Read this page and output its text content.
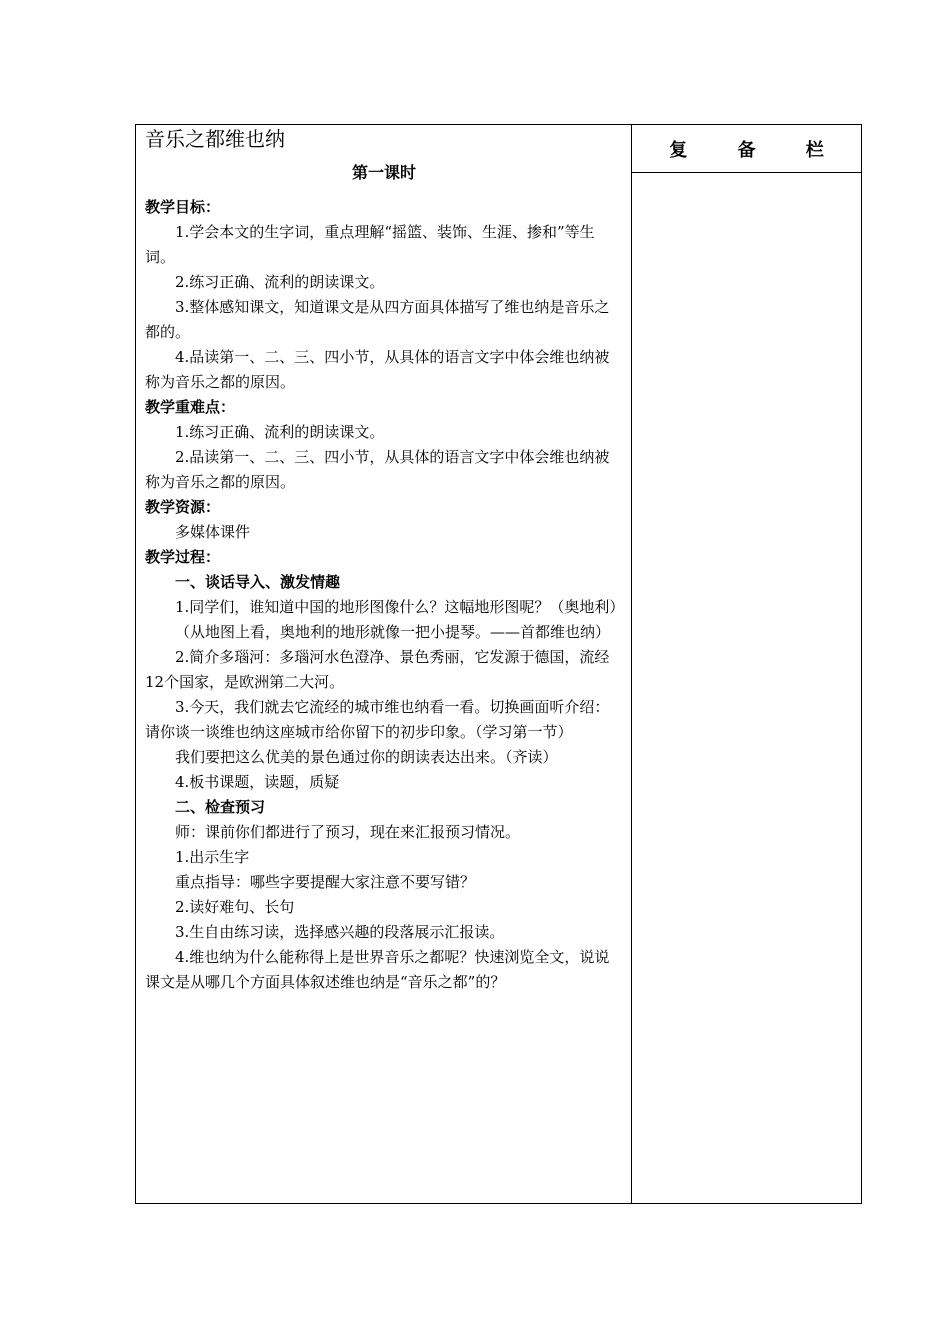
音乐之都维也纳
第一课时
教学目标：
1.学会本文的生字词，重点理解“摇篮、装饰、生涯、掺和”等生词。
2.练习正确、流利的朗读课文。
3.整体感知课文，知道课文是从四方面具体描写了维也纳是音乐之都的。
4.品读第一、二、三、四小节，从具体的语言文字中体会维也纳被称为音乐之都的原因。
教学重难点：
1.练习正确、流利的朗读课文。
2.品读第一、二、三、四小节，从具体的语言文字中体会维也纳被称为音乐之都的原因。
教学资源：
多媒体课件
教学过程：
一、谈话导入、激发情趣
1.同学们，谁知道中国的地形图像什么？这幅地形图呢？（奥地利）
（从地图上看，奥地利的地形就像一把小提琴。——首都维也纳）
2.简介多瑙河：多瑙河水色澄净、景色秀丽，它发源于德国，流经12个国家，是欧洲第二大河。
3.今天，我们就去它流经的城市维也纳看一看。切换画面听介绍：请你谈一谈维也纳这座城市给你留下的初步印象。（学习第一节）
我们要把这么优美的景色通过你的朗读表达出来。（齐读）
4.板书课题，读题，质疑
二、检查预习
师：课前你们都进行了预习，现在来汇报预习情况。
1.出示生字
重点指导：哪些字要提醒大家注意不要写错？
2.读好难句、长句
3.生自由练习读，选择感兴趣的段落展示汇报读。
4.维也纳为什么能称得上是世界音乐之都呢？快速浏览全文，说说课文是从哪几个方面具体叙述维也纳是“音乐之都”的？
复 备 栏
